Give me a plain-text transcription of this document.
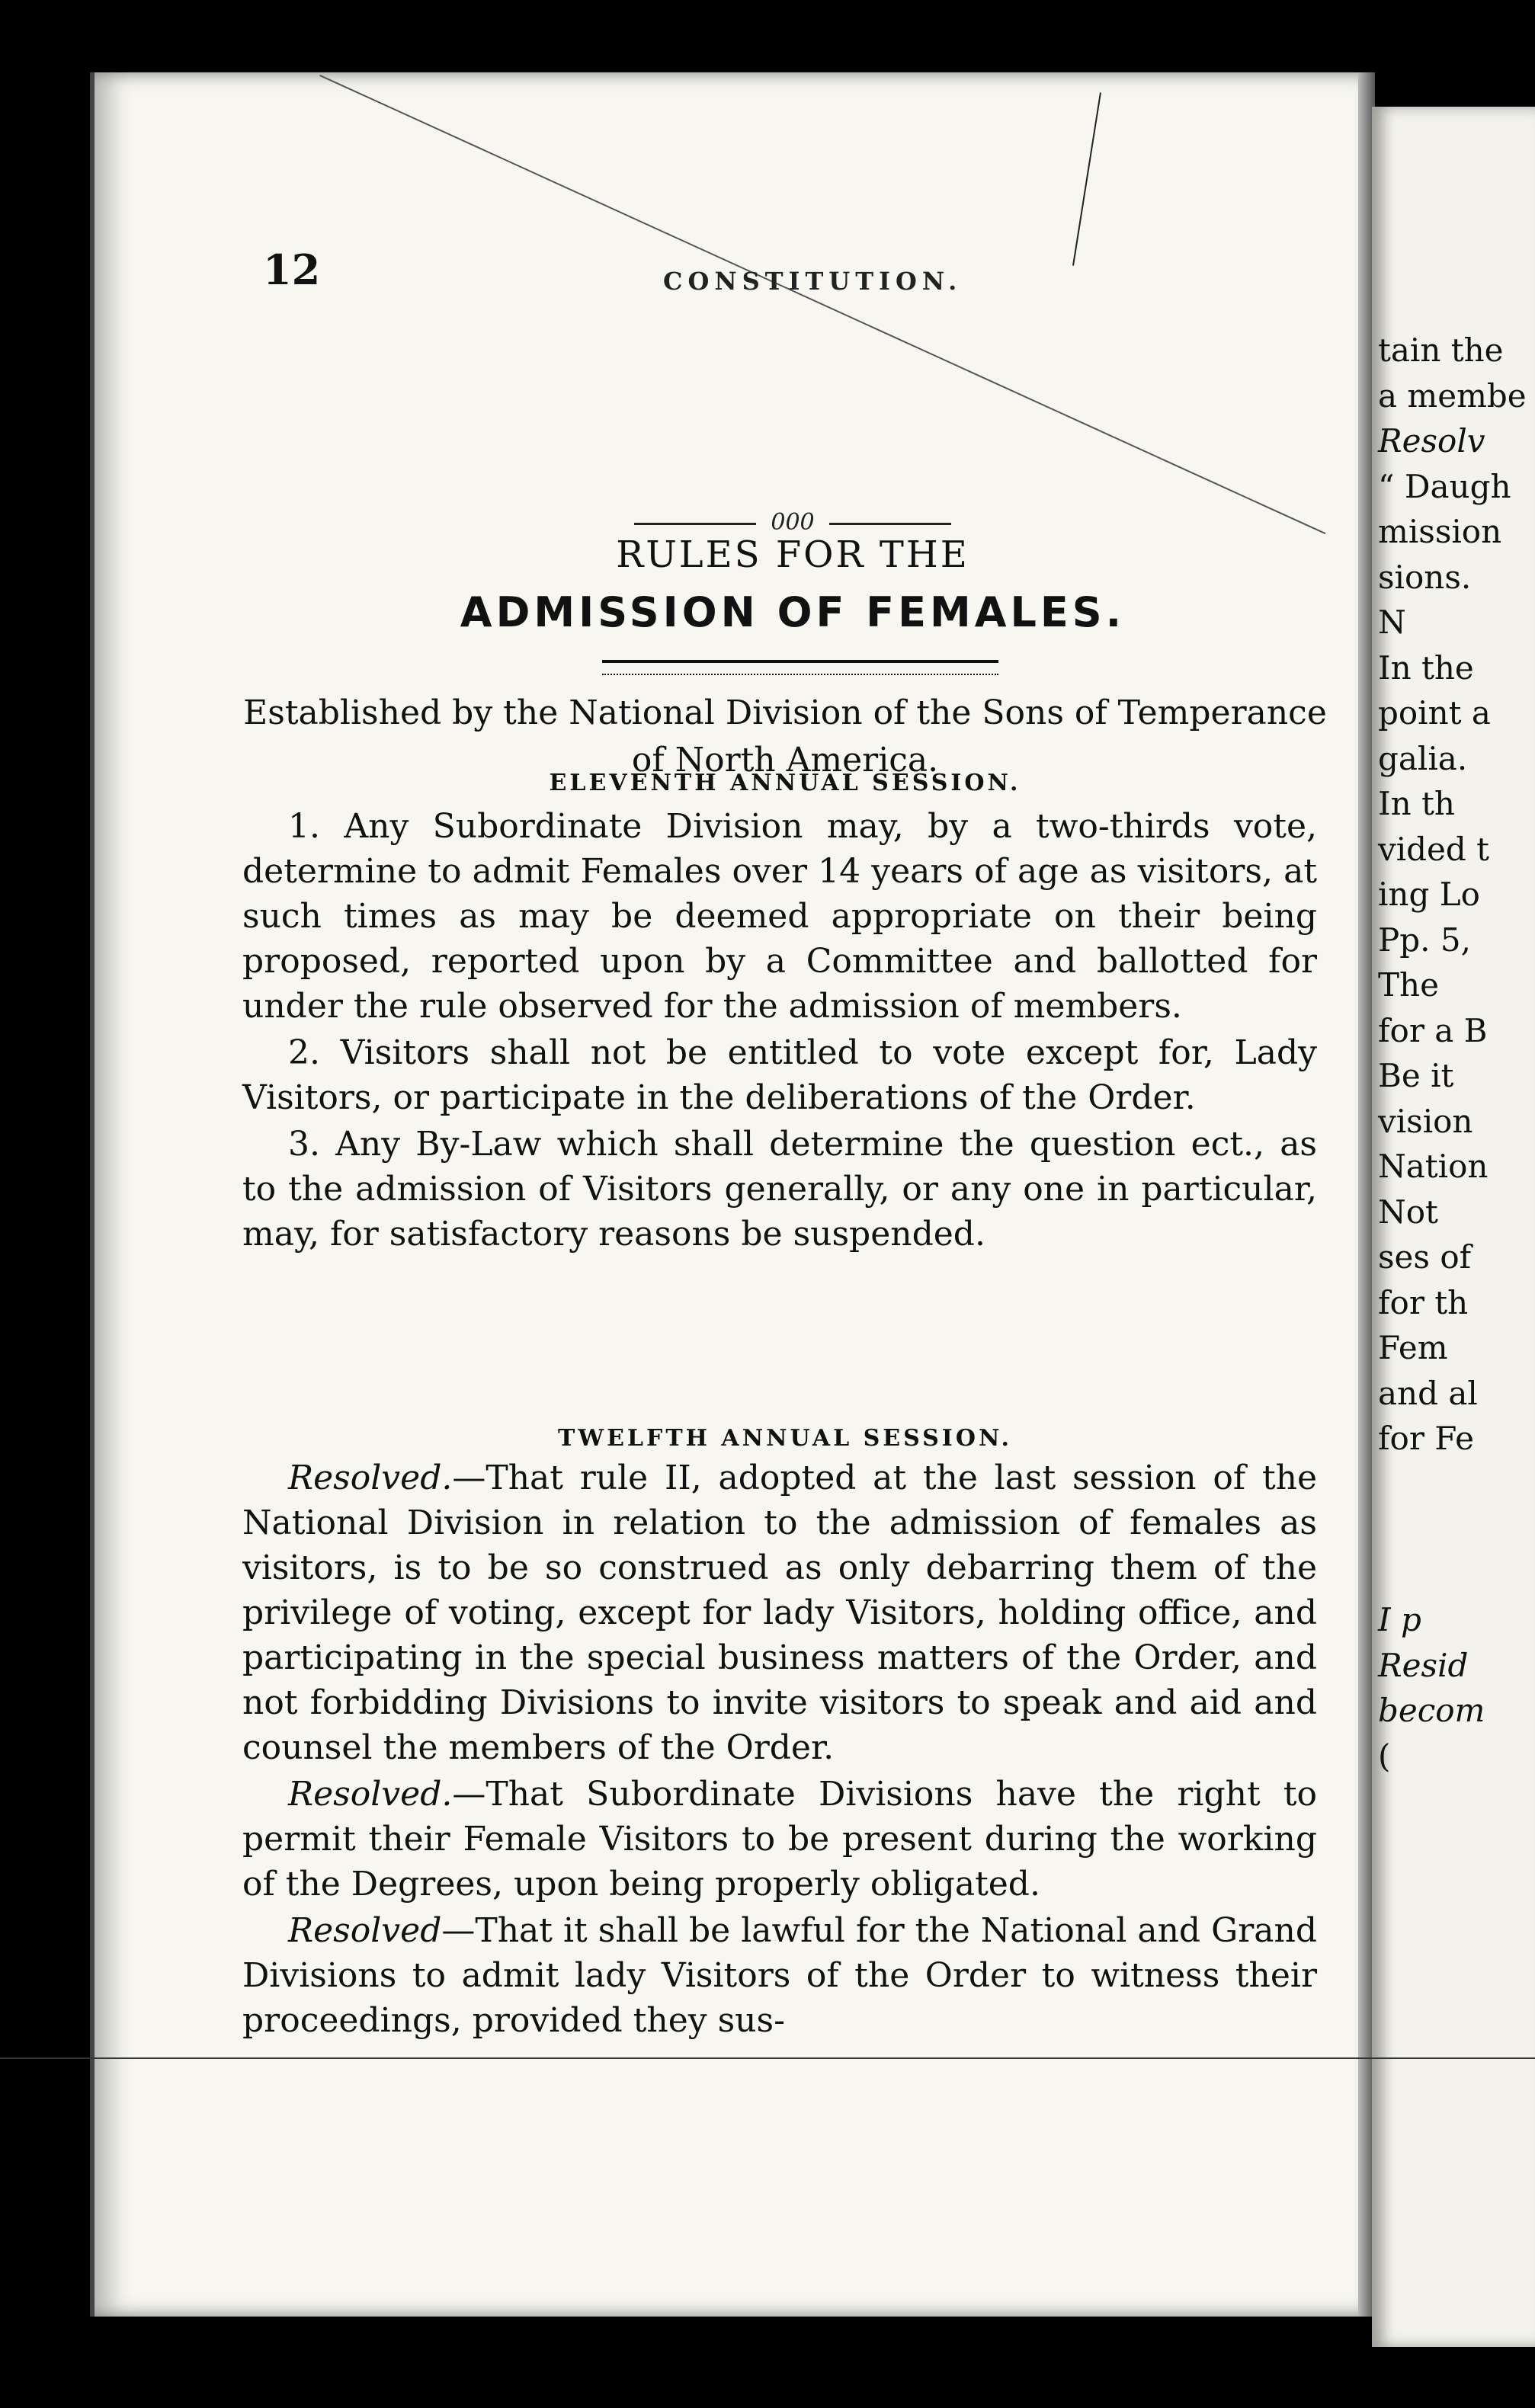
12	CONSTITUTION.
000
RULES FOR THE
ADMISSION OF FEMALES.
Established by the National Division of the Sons of Temperance of North America.
ELEVENTH ANNUAL SESSION.

1. Any Subordinate Division may, by a two-thirds vote, determine to admit Females over 14 years of age as visitors, at such times as may be deemed appropriate on their being proposed, reported upon by a Committee and ballotted for under the rule observed for the admission of members.

2. Visitors shall not be entitled to vote except for, Lady Visitors, or participate in the deliberations of the Order.

3. Any By-Law which shall determine the question ect., as to the admission of Visitors generally, or any one in particular, may, for satisfactory reasons be suspended.

TWELFTH ANNUAL SESSION.

Resolved.—That rule II, adopted at the last session of the National Division in relation to the admission of females as visitors, is to be so construed as only debarring them of the privilege of voting, except for lady Visitors, holding office, and participating in the special business matters of the Order, and not forbidding Divisions to invite visitors to speak and aid and counsel the members of the Order.

Resolved.—That Subordinate Divisions have the right to permit their Female Visitors to be present during the working of the Degrees, upon being properly obligated.

Resolved—That it shall be lawful for the National and Grand Divisions to admit lady Visitors of the Order to witness their proceedings, provided they sus-

tain the
a membe
Resolv
“ Daugh
mission
sions.
N
In the
point a
galia.
In th
vided t
ing Lo
Pp. 5,
The
for a B
Be it
vision
Nation
Not
ses of
for th
Fem
and al
for Fe
I p
Resid
becom
(
